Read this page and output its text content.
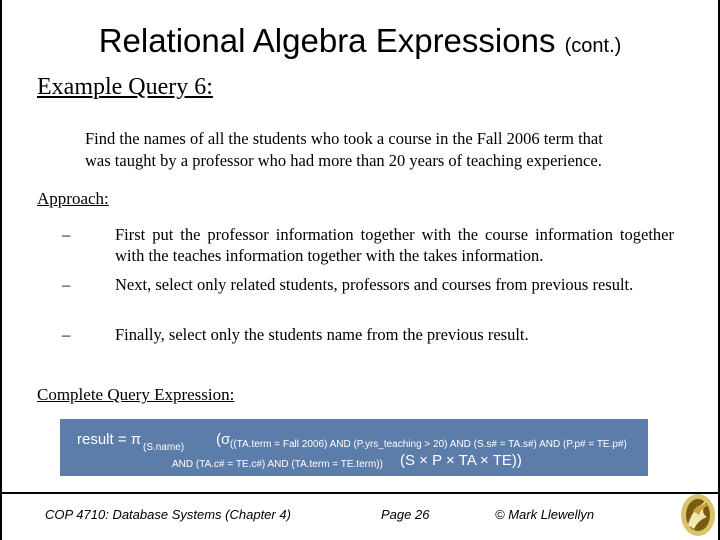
Relational Algebra Expressions (cont.)
Example Query 6:
Find the names of all the students who took a course in the Fall 2006 term that
was taught by a professor who had more than 20 years of teaching experience.
Approach:
–	First put the professor information together with the course information together with the teaches information together with the takes information.
–	Next, select only related students, professors and courses from previous result.
–	Finally, select only the students name from the previous result.
Complete Query Expression:
result = π (S.name) (σ ((TA.term = Fall 2006) AND (P.yrs_teaching > 20) AND (S.s# = TA.s#) AND (P.p# = TE.p#)
AND (TA.c# = TE.c#) AND (TA.term = TE.term)) (S × P × TA × TE))
COP 4710: Database Systems (Chapter 4)	Page 26	© Mark Llewellyn
